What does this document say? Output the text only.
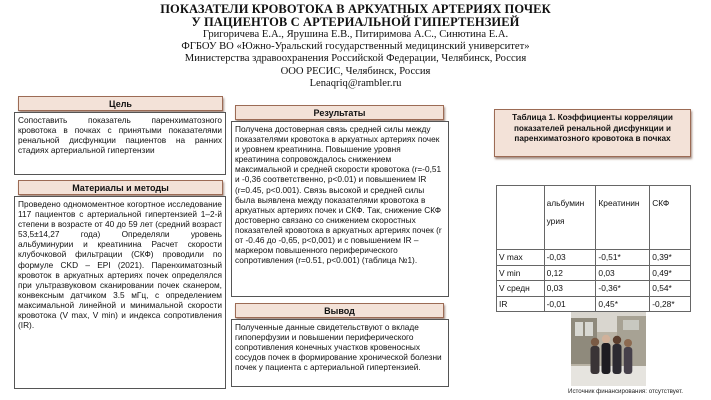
ПОКАЗАТЕЛИ КРОВОТОКА В АРКУАТНЫХ АРТЕРИЯХ ПОЧЕК
У ПАЦИЕНТОВ С АРТЕРИАЛЬНОЙ ГИПЕРТЕНЗИЕЙ
Григоричева Е.А., Ярушина Е.В., Питиримова А.С., Синютина Е.А.
ФГБОУ ВО «Южно-Уральский государственный медицинский университет»
Министерства здравоохранения Российской Федерации, Челябинск, Россия
ООО РЕСИС, Челябинск, Россия
Lenaqriq@rambler.ru
Цель
Сопоставить показатель паренхиматозного кровотока в почках с принятыми показателями ренальной дисфункции пациентов на ранних стадиях артериальной гипертензии
Материалы и методы
Проведено одномоментное когортное исследование 117 пациентов с артериальной гипертензией 1–2-й степени в возрасте от 40 до 59 лет (средний возраст 53,5±14,27 года) Определяли уровень альбуминурии и креатинина Расчет скорости клубочковой фильтрации (СКФ) проводили по формуле CKD – EPI (2021). Паренхиматозный кровоток в аркуатных артериях почек определялся при ультразвуковом сканировании почек сканером, конвексным датчиком 3.5 мГц, с определением максимальной линейной и минимальной скорости кровотока (V max, V min) и индекса сопротивления (IR).
Результаты
Получена достоверная связь средней силы между показателями кровотока в аркуатных артериях почек и уровнем креатинина. Повышение уровня креатинина сопровождалось снижением максимальной и средней скорости кровотока (r=-0,51 и -0,36 соответственно, p<0.01) и повышением IR (r=0.45, p<0.001). Связь высокой и средней силы была выявлена между показателями кровотока в аркуатных артериях почек и СКФ. Так, снижение СКФ достоверно связано со снижением скоростных показателей кровотока в аркуатных артериях почек (r от -0.46 до -0,65, p<0,001) и с повышением IR – маркером повышенного периферического сопротивления (r=0.51, p<0.001) (таблица №1).
Вывод
Полученные данные свидетельствуют о вкладе гипоперфузии и повышении периферического сопротивления конечных участков кровеносных сосудов почек в формирование хронической болезни почек у пациента с артериальной гипертензией.
Таблица 1. Коэффициенты корреляции показателей ренальной дисфункции и паренхиматозного кровотока в почках
	альбумин урия	Креатинин	СКФ
V max	-0,03	-0,51*	0,39*
V min	0,12	0,03	0,49*
V средн	0,03	-0,36*	0,54*
IR	-0,01	0,45*	-0,28*
Источник финансирования: отсутствует.
